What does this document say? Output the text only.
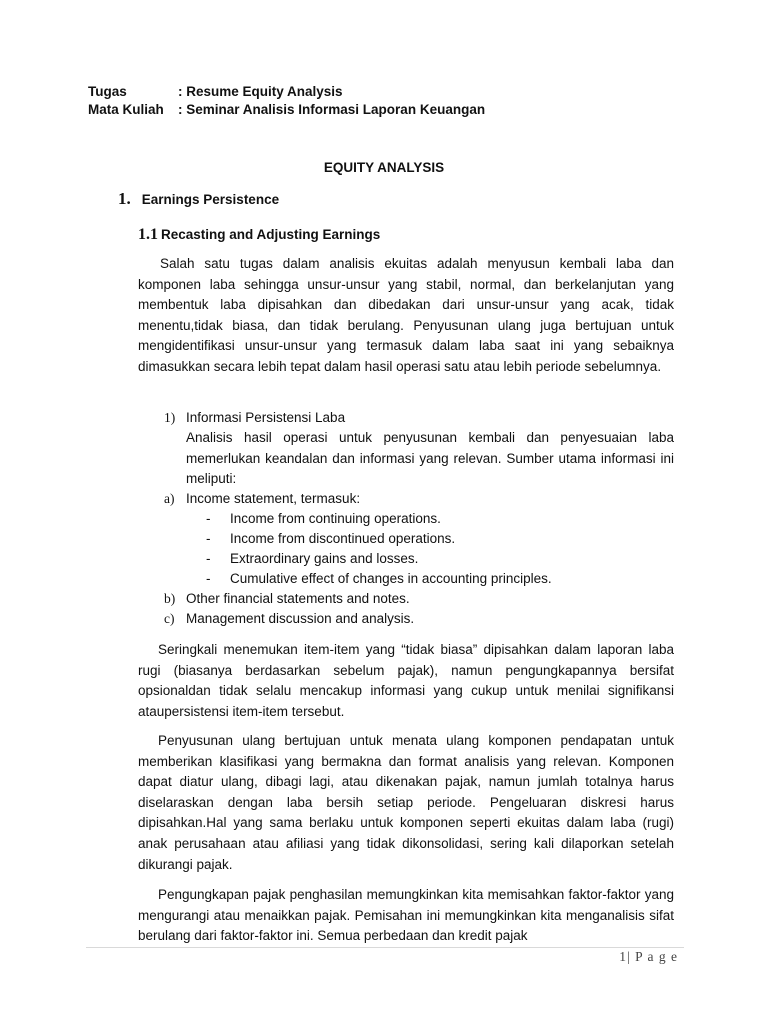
Tugas	: Resume Equity Analysis
Mata Kuliah : Seminar Analisis Informasi Laporan Keuangan
EQUITY ANALYSIS
1. Earnings Persistence
1.1 Recasting and Adjusting Earnings

Salah satu tugas dalam analisis ekuitas adalah menyusun kembali laba dan komponen laba sehingga unsur-unsur yang stabil, normal, dan berkelanjutan yang membentuk laba dipisahkan dan dibedakan dari unsur-unsur yang acak, tidak menentu,tidak biasa, dan tidak berulang. Penyusunan ulang juga bertujuan untuk mengidentifikasi unsur-unsur yang termasuk dalam laba saat ini yang sebaiknya dimasukkan secara lebih tepat dalam hasil operasi satu atau lebih periode sebelumnya.

1) Informasi Persistensi Laba

Analisis hasil operasi untuk penyusunan kembali dan penyesuaian laba memerlukan keandalan dan informasi yang relevan. Sumber utama informasi ini meliputi:

a) Income statement, termasuk:
- Income from continuing operations.
- Income from discontinued operations.
- Extraordinary gains and losses.
- Cumulative effect of changes in accounting principles.
b) Other financial statements and notes.
c) Management discussion and analysis.

Seringkali menemukan item-item yang “tidak biasa” dipisahkan dalam laporan laba rugi (biasanya berdasarkan sebelum pajak), namun pengungkapannya bersifat opsionaldan tidak selalu mencakup informasi yang cukup untuk menilai signifikansi ataupersistensi item-item tersebut.

Penyusunan ulang bertujuan untuk menata ulang komponen pendapatan untuk memberikan klasifikasi yang bermakna dan format analisis yang relevan. Komponen dapat diatur ulang, dibagi lagi, atau dikenakan pajak, namun jumlah totalnya harus diselaraskan dengan laba bersih setiap periode. Pengeluaran diskresi harus dipisahkan.Hal yang sama berlaku untuk komponen seperti ekuitas dalam laba (rugi) anak perusahaan atau afiliasi yang tidak dikonsolidasi, sering kali dilaporkan setelah dikurangi pajak.

Pengungkapan pajak penghasilan memungkinkan kita memisahkan faktor-faktor yang mengurangi atau menaikkan pajak. Pemisahan ini memungkinkan kita menganalisis sifat berulang dari faktor-faktor ini. Semua perbedaan dan kredit pajak

1| P a g e
